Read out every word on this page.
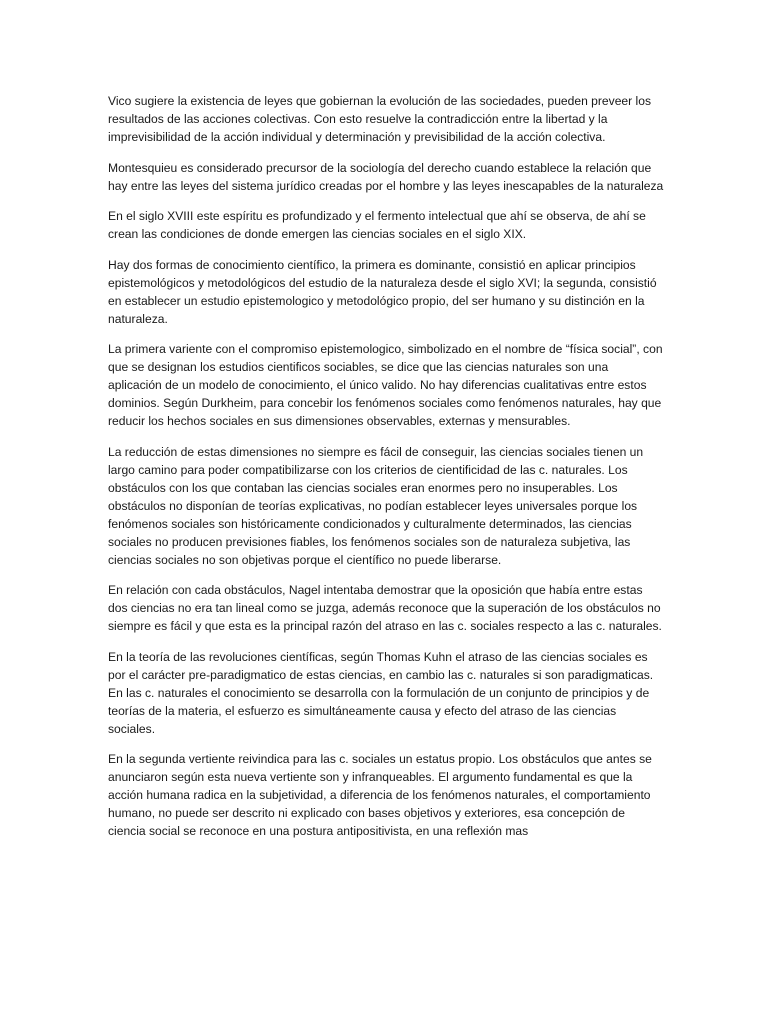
Vico sugiere la existencia de leyes que gobiernan la evolución de las sociedades, pueden preveer los resultados de las acciones colectivas. Con esto resuelve la contradicción entre la libertad y la imprevisibilidad de la acción individual y determinación y previsibilidad de la acción colectiva.

Montesquieu es considerado precursor de la sociología del derecho cuando establece la relación que hay entre las leyes del sistema jurídico creadas por el hombre y las leyes inescapables de la naturaleza

En el siglo XVIII este espíritu es profundizado y el fermento intelectual que ahí se observa, de ahí se crean las condiciones de donde emergen las ciencias sociales en el siglo XIX.

Hay dos formas de conocimiento científico, la primera es dominante, consistió en aplicar principios epistemológicos y metodológicos del estudio de la naturaleza desde el siglo XVI; la segunda, consistió en establecer un estudio epistemologico y metodológico propio, del ser humano y su distinción en la naturaleza.

La primera variente con el compromiso epistemologico, simbolizado en el nombre de “física social”, con que se designan los estudios cientificos sociables, se dice que las ciencias naturales son una aplicación de un modelo de conocimiento, el único valido. No hay diferencias cualitativas entre estos dominios. Según Durkheim, para concebir los fenómenos sociales como fenómenos naturales, hay que reducir los hechos sociales en sus dimensiones observables, externas y mensurables.

La reducción de estas dimensiones no siempre es fácil de conseguir, las ciencias sociales tienen un largo camino para poder compatibilizarse con los criterios de cientificidad de las c. naturales. Los obstáculos con los que contaban las ciencias sociales eran enormes pero no insuperables. Los obstáculos no disponían de teorías explicativas, no podían establecer leyes universales porque los fenómenos sociales son históricamente condicionados y culturalmente determinados, las ciencias sociales no producen previsiones fiables, los fenómenos sociales son de naturaleza subjetiva, las ciencias sociales no son objetivas porque el científico no puede liberarse.

En relación con cada obstáculos, Nagel intentaba demostrar que la oposición que había entre estas dos ciencias no era tan lineal como se juzga, además reconoce que la superación de los obstáculos no siempre es fácil y que esta es la principal razón del atraso en las c. sociales respecto a las c. naturales.

En la teoría de las revoluciones científicas, según Thomas Kuhn el atraso de las ciencias sociales es por el carácter pre-paradigmatico de estas ciencias, en cambio las c. naturales si son paradigmaticas. En las c. naturales el conocimiento se desarrolla con la formulación de un conjunto de principios y de teorías de la materia, el esfuerzo es simultáneamente causa y efecto del atraso de las ciencias sociales.

En la segunda vertiente reivindica para las c. sociales un estatus propio. Los obstáculos que antes se anunciaron según esta nueva vertiente son y infranqueables. El argumento fundamental es que la acción humana radica en la subjetividad, a diferencia de los fenómenos naturales, el comportamiento humano, no puede ser descrito ni explicado con bases objetivos y exteriores, esa concepción de ciencia social se reconoce en una postura antipositivista, en una reflexión mas
